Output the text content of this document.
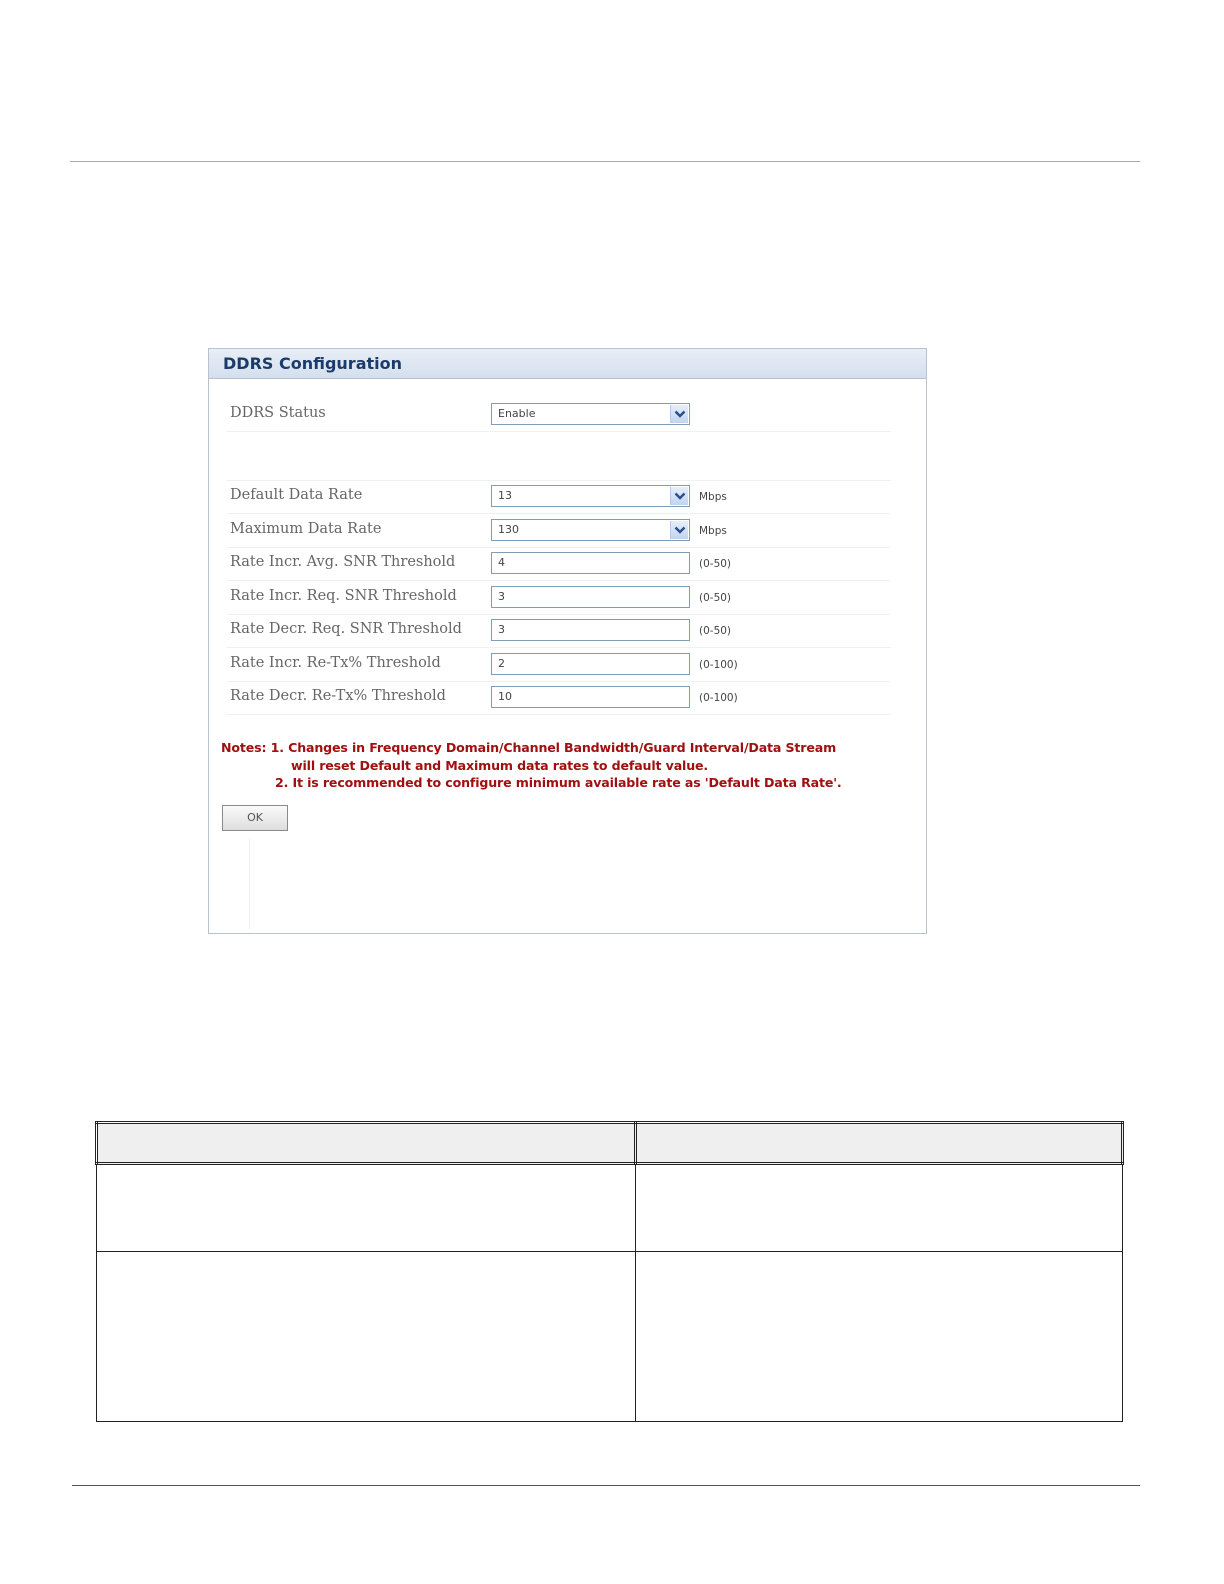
DDRS Configuration
DDRS Status	Enable
Default Data Rate	13	Mbps
Maximum Data Rate	130	Mbps
Rate Incr. Avg. SNR Threshold	4	(0-50)
Rate Incr. Req. SNR Threshold	3	(0-50)
Rate Decr. Req. SNR Threshold	3	(0-50)
Rate Incr. Re-Tx% Threshold	2	(0-100)
Rate Decr. Re-Tx% Threshold	10	(0-100)
Notes: 1. Changes in Frequency Domain/Channel Bandwidth/Guard Interval/Data Stream
will reset Default and Maximum data rates to default value.
2. It is recommended to configure minimum available rate as 'Default Data Rate'.
OK
